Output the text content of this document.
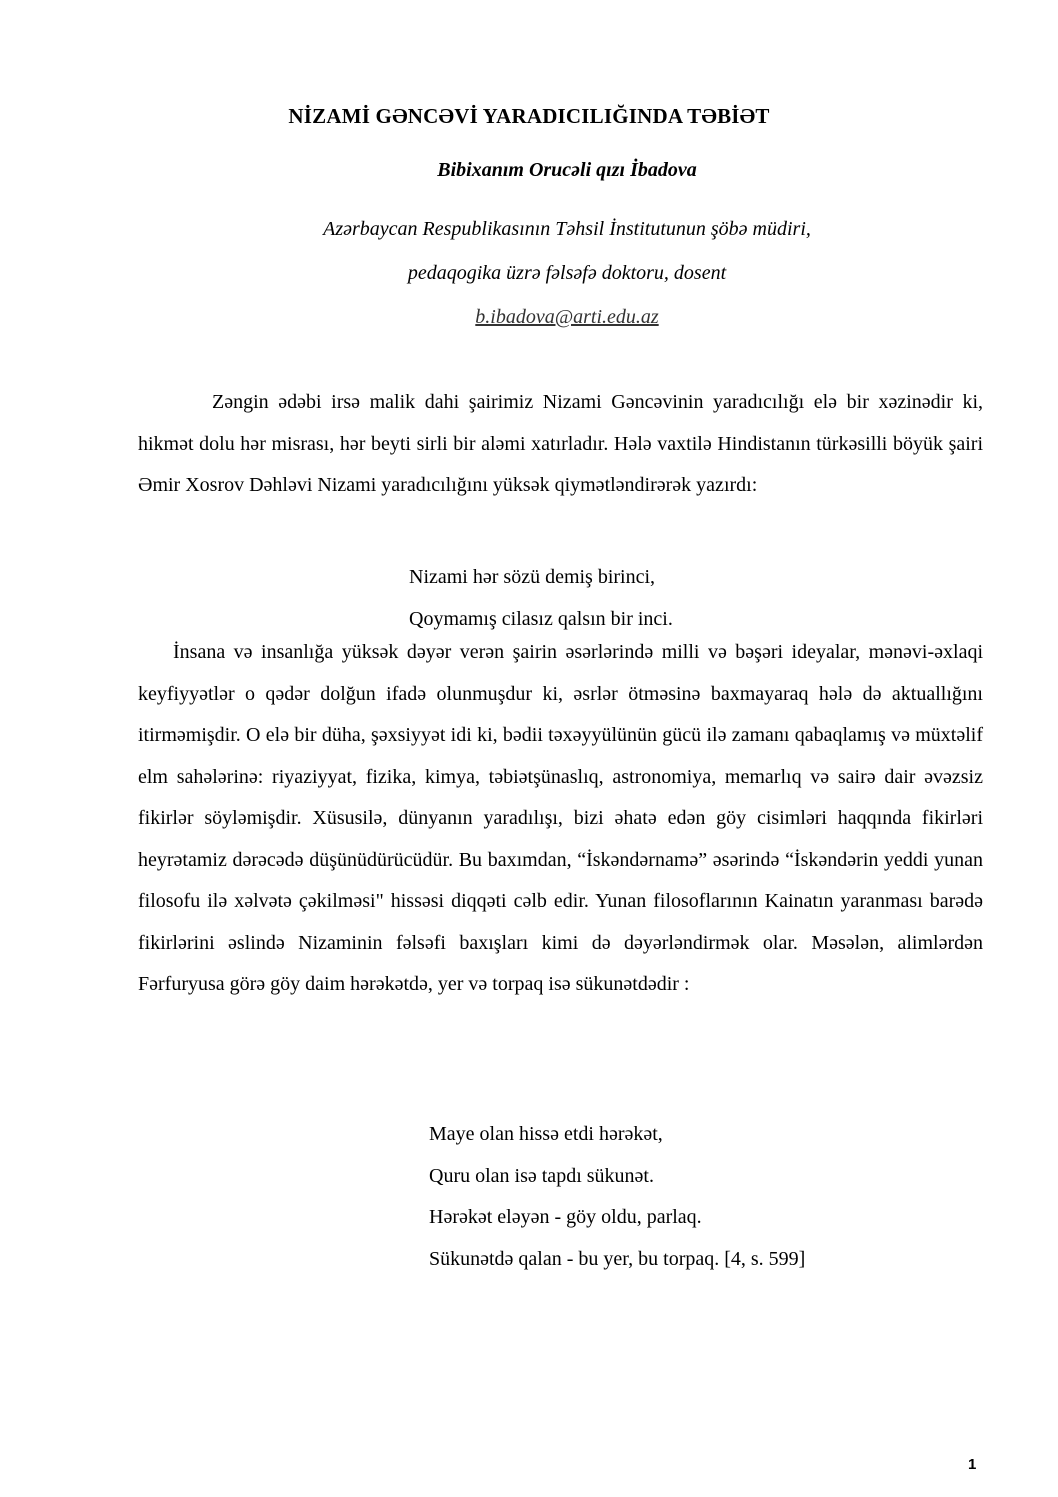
NİZAMİ GƏNCƏVİ YARADICILIĞINDA TƏBİƏT
Bibixanım Orucəli qızı İbadova
Azərbaycan Respublikasının Təhsil İnstitutunun şöbə müdiri,
pedaqogika üzrə fəlsəfə doktoru, dosent
b.ibadova@arti.edu.az

Zəngin ədəbi irsə malik dahi şairimiz Nizami Gəncəvinin yaradıcılığı elə bir xəzinədir ki, hikmət dolu hər misrası, hər beyti sirli bir aləmi xatırladır. Hələ vaxtilə Hindistanın türkəsilli böyük şairi Əmir Xosrov Dəhləvi Nizami yaradıcılığını yüksək qiymətləndirərək yazırdı:

Nizami hər sözü demiş birinci,
Qoymamış cilasız qalsın bir inci.

İnsana və insanlığa yüksək dəyər verən şairin əsərlərində milli və bəşəri ideyalar, mənəvi-əxlaqi keyfiyyətlər o qədər dolğun ifadə olunmuşdur ki, əsrlər ötməsinə baxmayaraq hələ də aktuallığını itirməmişdir. O elə bir düha, şəxsiyyət idi ki, bədii təxəyyülünün gücü ilə zamanı qabaqlamış və müxtəlif elm sahələrinə: riyaziyyat, fizika, kimya, təbiətşünaslıq, astronomiya, memarlıq və sairə dair əvəzsiz fikirlər söyləmişdir. Xüsusilə, dünyanın yaradılışı, bizi əhatə edən göy cisimləri haqqında fikirləri heyrətamiz dərəcədə düşünüdürücüdür. Bu baxımdan, “İskəndərnamə” əsərində “İskəndərin yeddi yunan filosofu ilə xəlvətə çəkilməsi" hissəsi diqqəti cəlb edir. Yunan filosoflarının Kainatın yaranması barədə fikirlərini əslində Nizaminin fəlsəfi baxışları kimi də dəyərləndirmək olar. Məsələn, alimlərdən Fərfuryusa görə göy daim hərəkətdə, yer və torpaq isə sükunətdədir :

Maye olan hissə etdi hərəkət,
Quru olan isə tapdı sükunət.
Hərəkət eləyən - göy oldu, parlaq.
Sükunətdə qalan - bu yer, bu torpaq. [4, s. 599]
1
